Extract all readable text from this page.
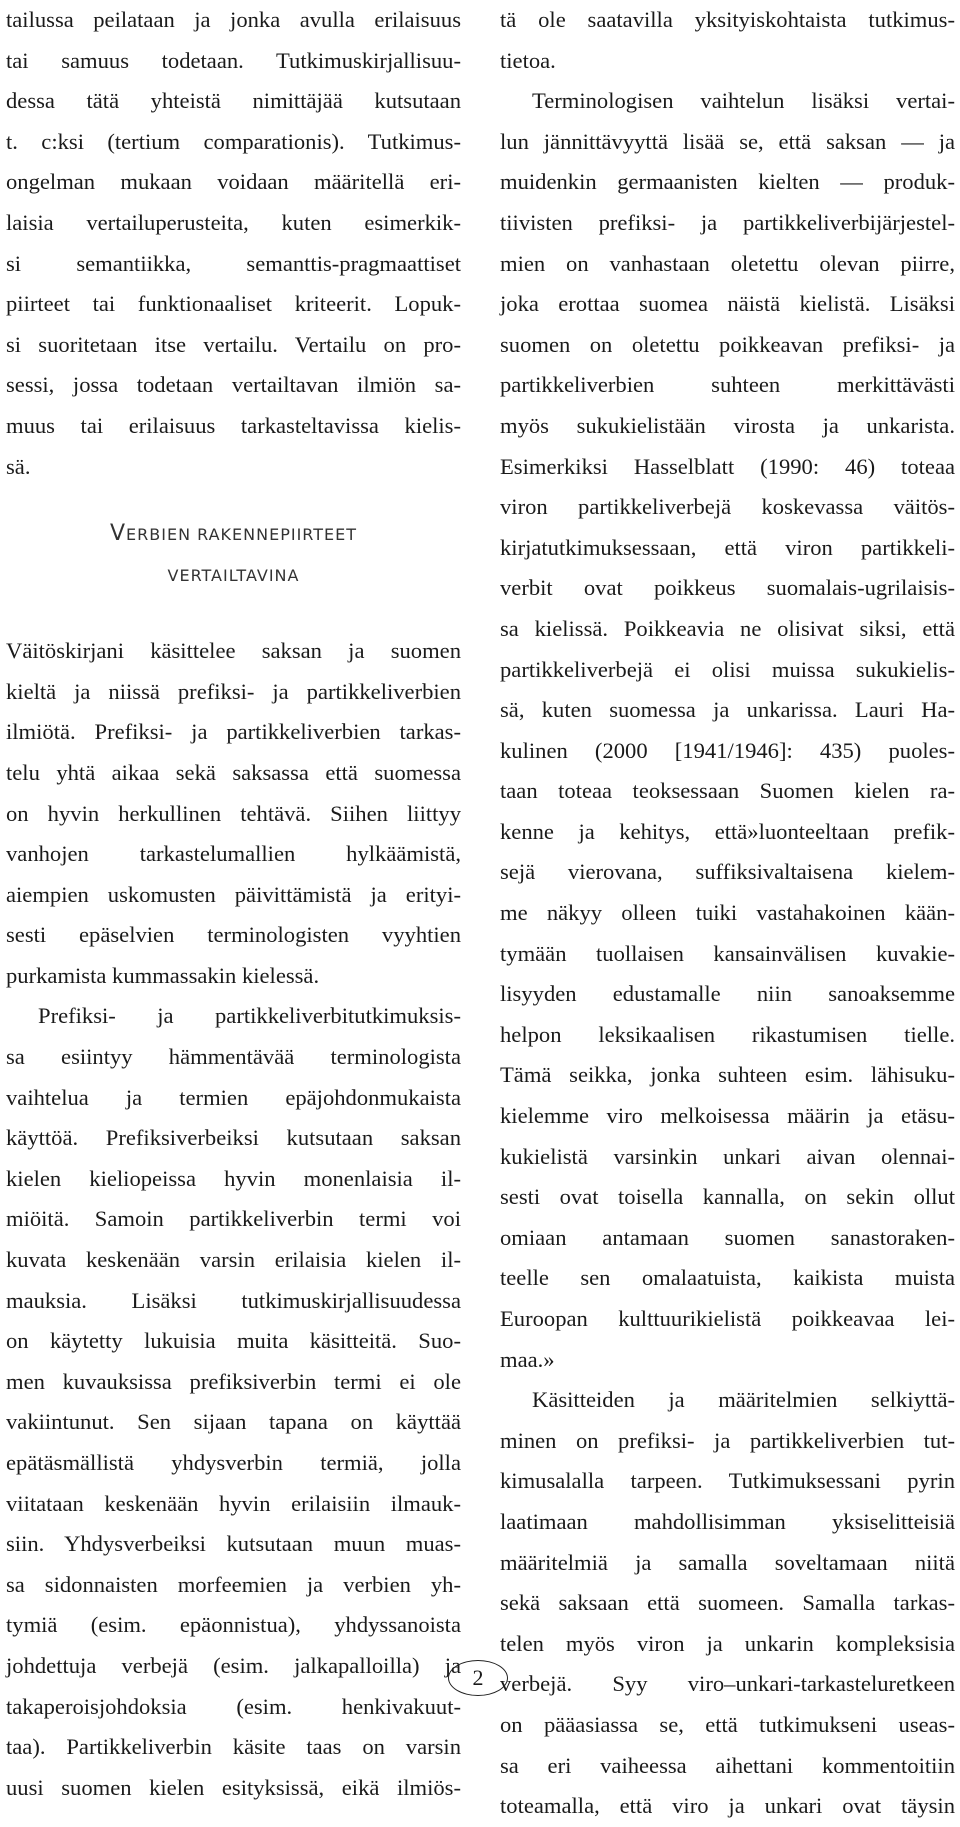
tailussa peilataan ja jonka avulla erilaisuus
tai samuus todetaan. Tutkimuskirjallisuu-
dessa tätä yhteistä nimittäjää kutsutaan
t. c:ksi (tertium comparationis). Tutkimus-
ongelman mukaan voidaan määritellä eri-
laisia vertailuperusteita, kuten esimerkik-
si semantiikka, semanttis-pragmaattiset
piirteet tai funktionaaliset kriteerit. Lopuk-
si suoritetaan itse vertailu. Vertailu on pro-
sessi, jossa todetaan vertailtavan ilmiön sa-
muus tai erilaisuus tarkasteltavissa kielis-
sä.
VERBIEN RAKENNEPIIRTEET
VERTAILTAVINA
Väitöskirjani käsittelee saksan ja suomen
kieltä ja niissä prefiksi- ja partikkeliverbien
ilmiötä. Prefiksi- ja partikkeliverbien tarkas-
telu yhtä aikaa sekä saksassa että suomessa
on hyvin herkullinen tehtävä. Siihen liittyy
vanhojen tarkastelumallien hylkäämistä,
aiempien uskomusten päivittämistä ja erityi-
sesti epäselvien terminologisten vyyhtien
purkamista kummassakin kielessä.
Prefiksi- ja partikkeliverbitutkimuksis-
sa esiintyy hämmentävää terminologista
vaihtelua ja termien epäjohdonmukaista
käyttöä. Prefiksiverbeiksi kutsutaan saksan
kielen kieliopeissa hyvin monenlaisia il-
miöitä. Samoin partikkeliverbin termi voi
kuvata keskenään varsin erilaisia kielen il-
mauksia. Lisäksi tutkimuskirjallisuudessa
on käytetty lukuisia muita käsitteitä. Suo-
men kuvauksissa prefiksiverbin termi ei ole
vakiintunut. Sen sijaan tapana on käyttää
epätäsmällistä yhdysverbin termiä, jolla
viitataan keskenään hyvin erilaisiin ilmauk-
siin. Yhdysverbeiksi kutsutaan muun muas-
sa sidonnaisten morfeemien ja verbien yh-
tymiä (esim. epäonnistua), yhdyssanoista
johdettuja verbejä (esim. jalkapalloilla) ja
takaperoisjohdoksia (esim. henkivakuut-
taa). Partikkeliverbin käsite taas on varsin
uusi suomen kielen esityksissä, eikä ilmiös-
tä ole saatavilla yksityiskohtaista tutkimus-
tietoa.
Terminologisen vaihtelun lisäksi vertai-
lun jännittävyyttä lisää se, että saksan — ja
muidenkin germaanisten kielten — produk-
tiivisten prefiksi- ja partikkeliverbijärjestel-
mien on vanhastaan oletettu olevan piirre,
joka erottaa suomea näistä kielistä. Lisäksi
suomen on oletettu poikkeavan prefiksi- ja
partikkeliverbien suhteen merkittävästi
myös sukukielistään virosta ja unkarista.
Esimerkiksi Hasselblatt (1990: 46) toteaa
viron partikkeliverbejä koskevassa väitös-
kirjatutkimuksessaan, että viron partikkeli-
verbit ovat poikkeus suomalais-ugrilaisis-
sa kielissä. Poikkeavia ne olisivat siksi, että
partikkeliverbejä ei olisi muissa sukukielis-
sä, kuten suomessa ja unkarissa. Lauri Ha-
kulinen (2000 [1941/1946]: 435) puoles-
taan toteaa teoksessaan Suomen kielen ra-
kenne ja kehitys, että»luonteeltaan prefik-
sejä vierovana, suffiksivaltaisena kielem-
me näkyy olleen tuiki vastahakoinen kään-
tymään tuollaisen kansainvälisen kuvakie-
lisyyden edustamalle niin sanoaksemme
helpon leksikaalisen rikastumisen tielle.
Tämä seikka, jonka suhteen esim. lähisuku-
kielemme viro melkoisessa määrin ja etäsu-
kukielistä varsinkin unkari aivan olennai-
sesti ovat toisella kannalla, on sekin ollut
omiaan antamaan suomen sanastoraken-
teelle sen omalaatuista, kaikista muista
Euroopan kulttuurikielistä poikkeavaa lei-
maa.»
Käsitteiden ja määritelmien selkiyttä-
minen on prefiksi- ja partikkeliverbien tut-
kimusalalla tarpeen. Tutkimuksessani pyrin
laatimaan mahdollisimman yksiselitteisiä
määritelmiä ja samalla soveltamaan niitä
sekä saksaan että suomeen. Samalla tarkas-
telen myös viron ja unkarin kompleksisia
verbejä. Syy viro–unkari-tarkasteluretkeen
on pääasiassa se, että tutkimukseni useas-
sa eri vaiheessa aihettani kommentoitiin
toteamalla, että viro ja unkari ovat täysin
2
